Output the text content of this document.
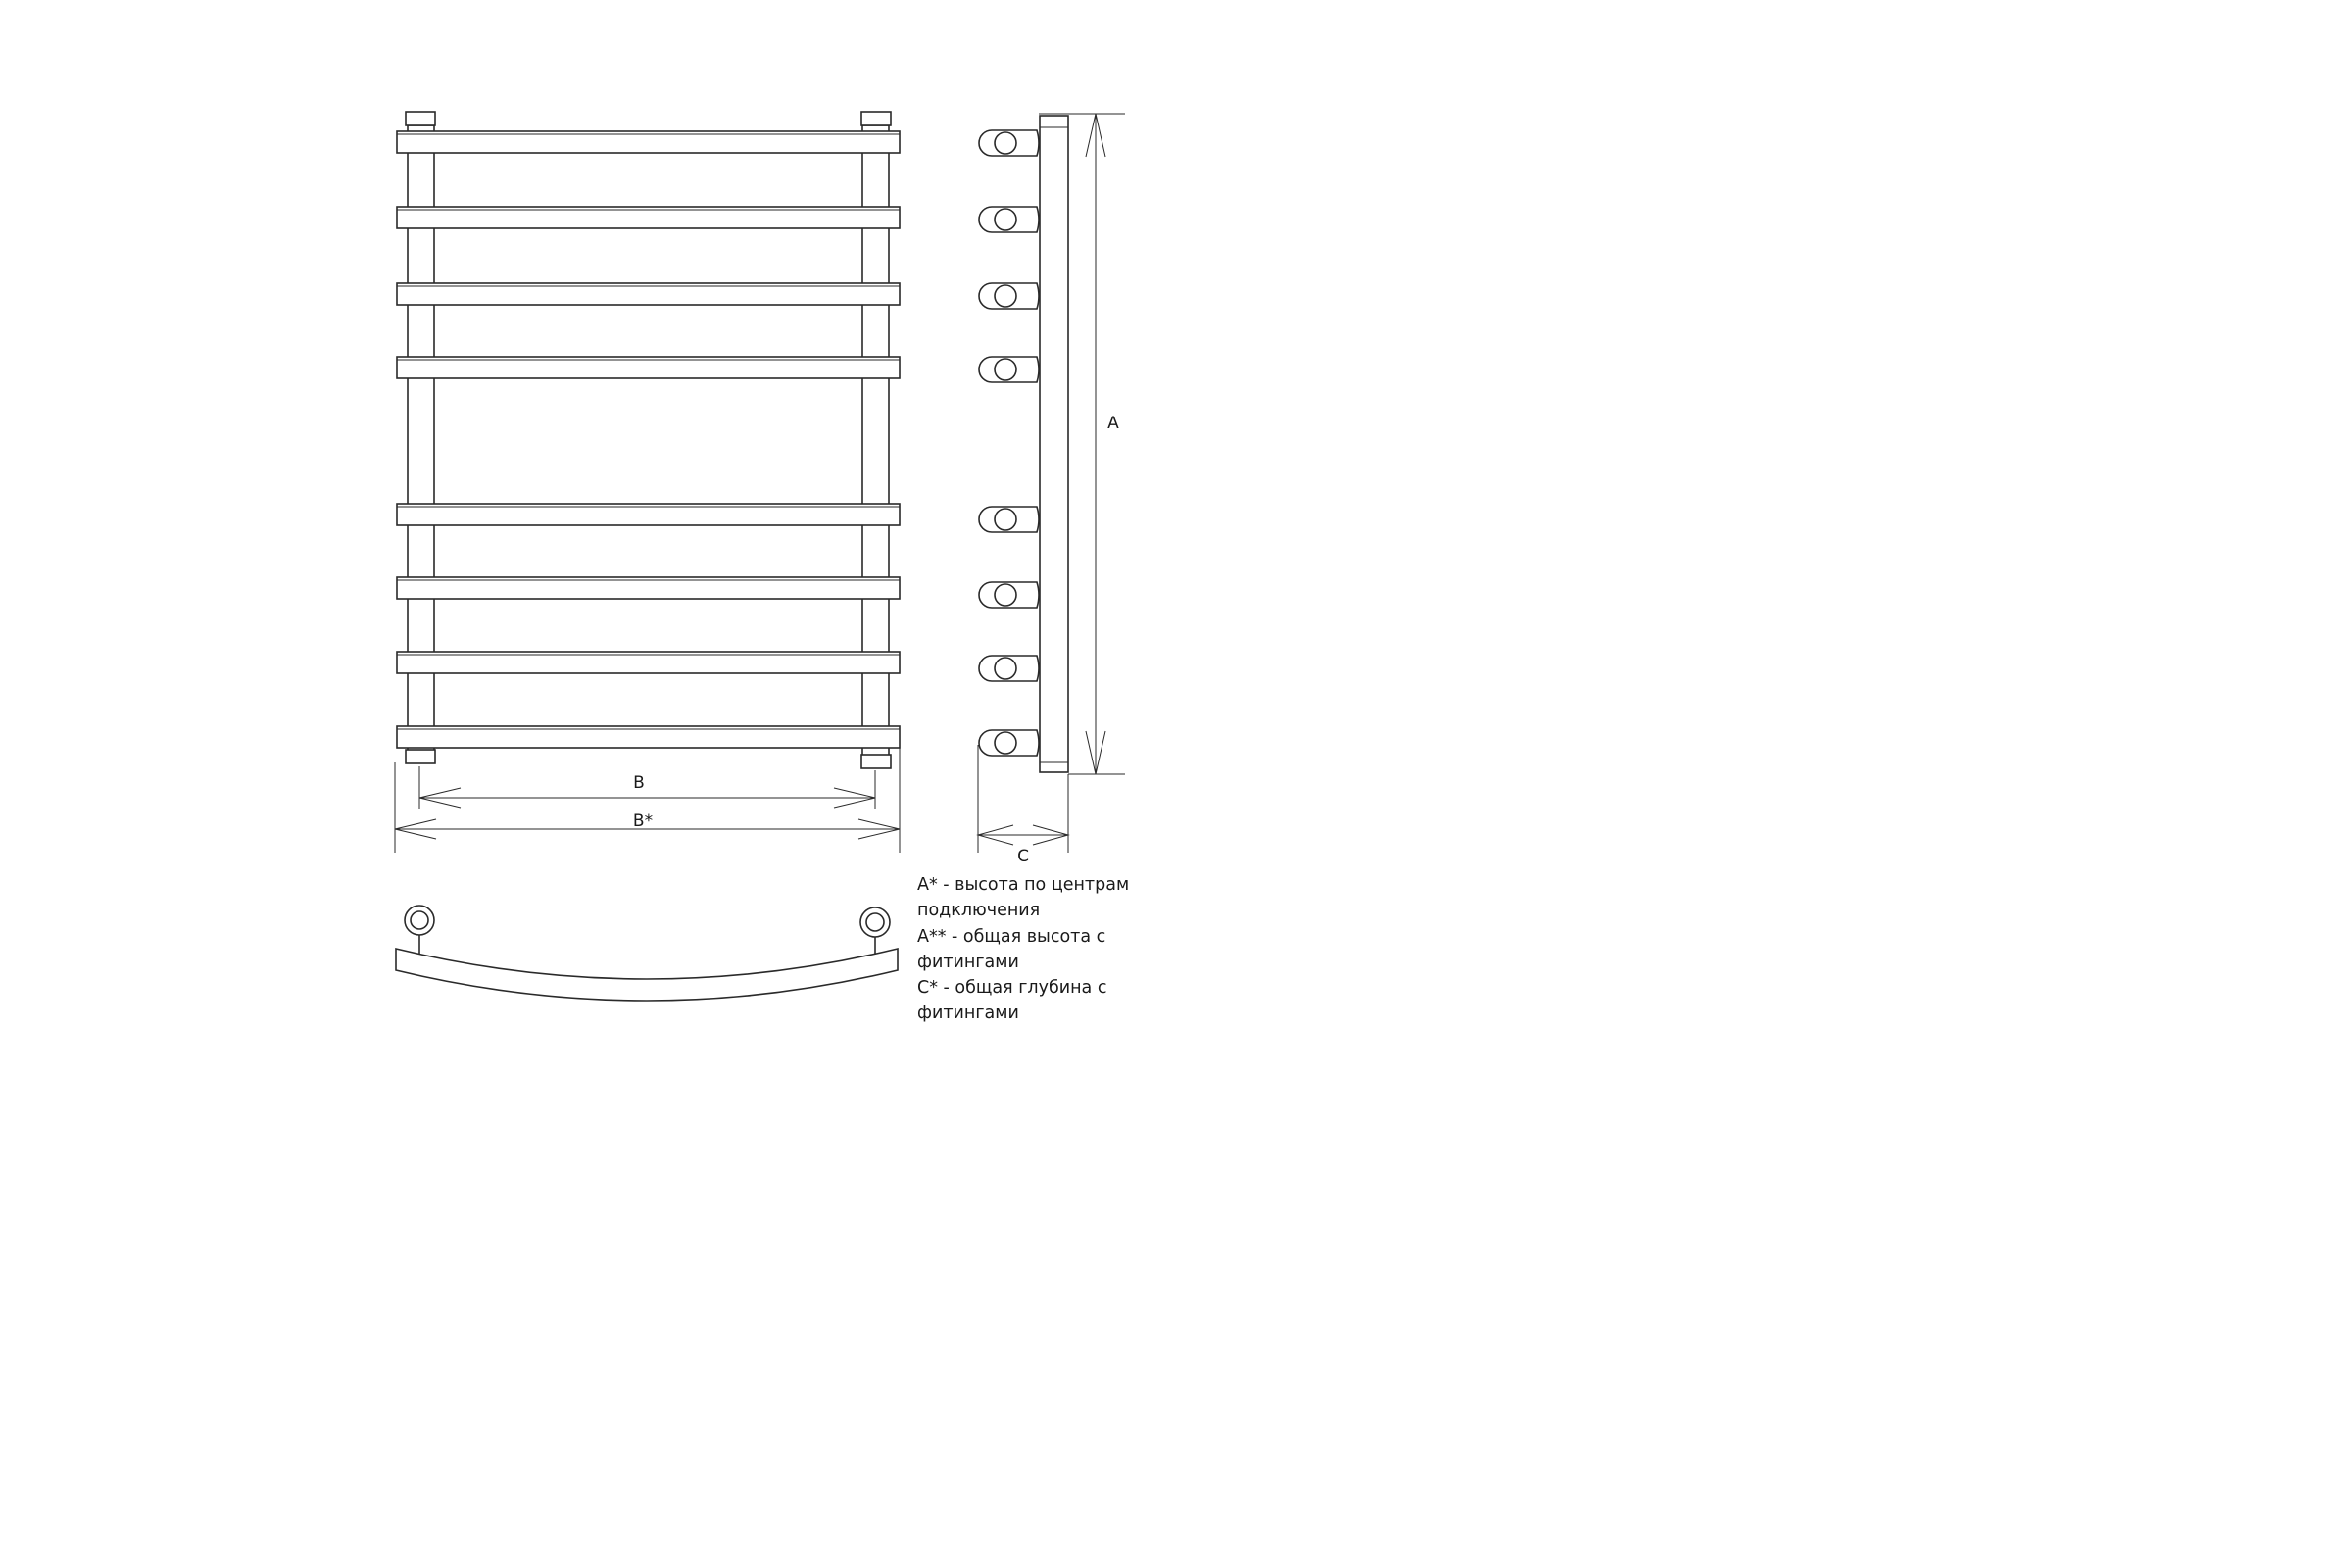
B
B*
A
C
A* - высота по центрам подключения
A** - общая высота с фитингами
C* - общая глубина с фитингами
